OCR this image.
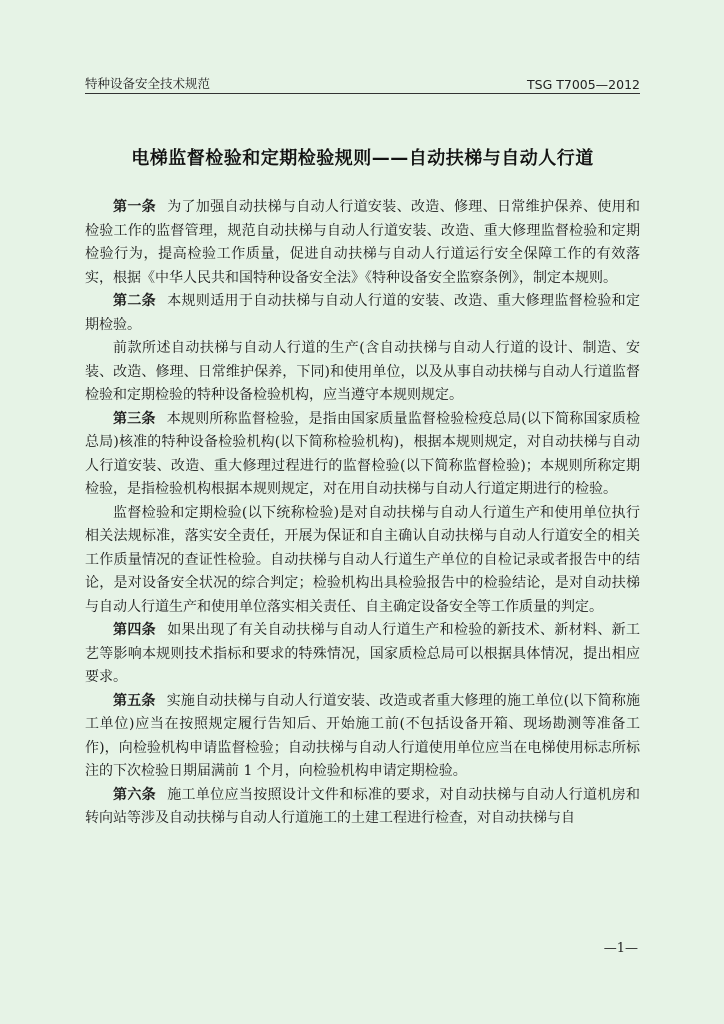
特种设备安全技术规范	TSG T7005—2012
电梯监督检验和定期检验规则——自动扶梯与自动人行道

第一条 为了加强自动扶梯与自动人行道安装、改造、修理、日常维护保养、使用和检验工作的监督管理，规范自动扶梯与自动人行道安装、改造、重大修理监督检验和定期检验行为，提高检验工作质量，促进自动扶梯与自动人行道运行安全保障工作的有效落实，根据《中华人民共和国特种设备安全法》《特种设备安全监察条例》，制定本规则。

第二条 本规则适用于自动扶梯与自动人行道的安装、改造、重大修理监督检验和定期检验。

前款所述自动扶梯与自动人行道的生产(含自动扶梯与自动人行道的设计、制造、安装、改造、修理、日常维护保养，下同)和使用单位，以及从事自动扶梯与自动人行道监督检验和定期检验的特种设备检验机构，应当遵守本规则规定。

第三条 本规则所称监督检验，是指由国家质量监督检验检疫总局(以下简称国家质检总局)核准的特种设备检验机构(以下简称检验机构)，根据本规则规定，对自动扶梯与自动人行道安装、改造、重大修理过程进行的监督检验(以下简称监督检验)；本规则所称定期检验，是指检验机构根据本规则规定，对在用自动扶梯与自动人行道定期进行的检验。

监督检验和定期检验(以下统称检验)是对自动扶梯与自动人行道生产和使用单位执行相关法规标准，落实安全责任，开展为保证和自主确认自动扶梯与自动人行道安全的相关工作质量情况的查证性检验。自动扶梯与自动人行道生产单位的自检记录或者报告中的结论，是对设备安全状况的综合判定；检验机构出具检验报告中的检验结论，是对自动扶梯与自动人行道生产和使用单位落实相关责任、自主确定设备安全等工作质量的判定。

第四条 如果出现了有关自动扶梯与自动人行道生产和检验的新技术、新材料、新工艺等影响本规则技术指标和要求的特殊情况，国家质检总局可以根据具体情况，提出相应要求。

第五条 实施自动扶梯与自动人行道安装、改造或者重大修理的施工单位(以下简称施工单位)应当在按照规定履行告知后、开始施工前(不包括设备开箱、现场勘测等准备工作)，向检验机构申请监督检验；自动扶梯与自动人行道使用单位应当在电梯使用标志所标注的下次检验日期届满前 1 个月，向检验机构申请定期检验。

第六条 施工单位应当按照设计文件和标准的要求，对自动扶梯与自动人行道机房和转向站等涉及自动扶梯与自动人行道施工的土建工程进行检查，对自动扶梯与自

—1—
